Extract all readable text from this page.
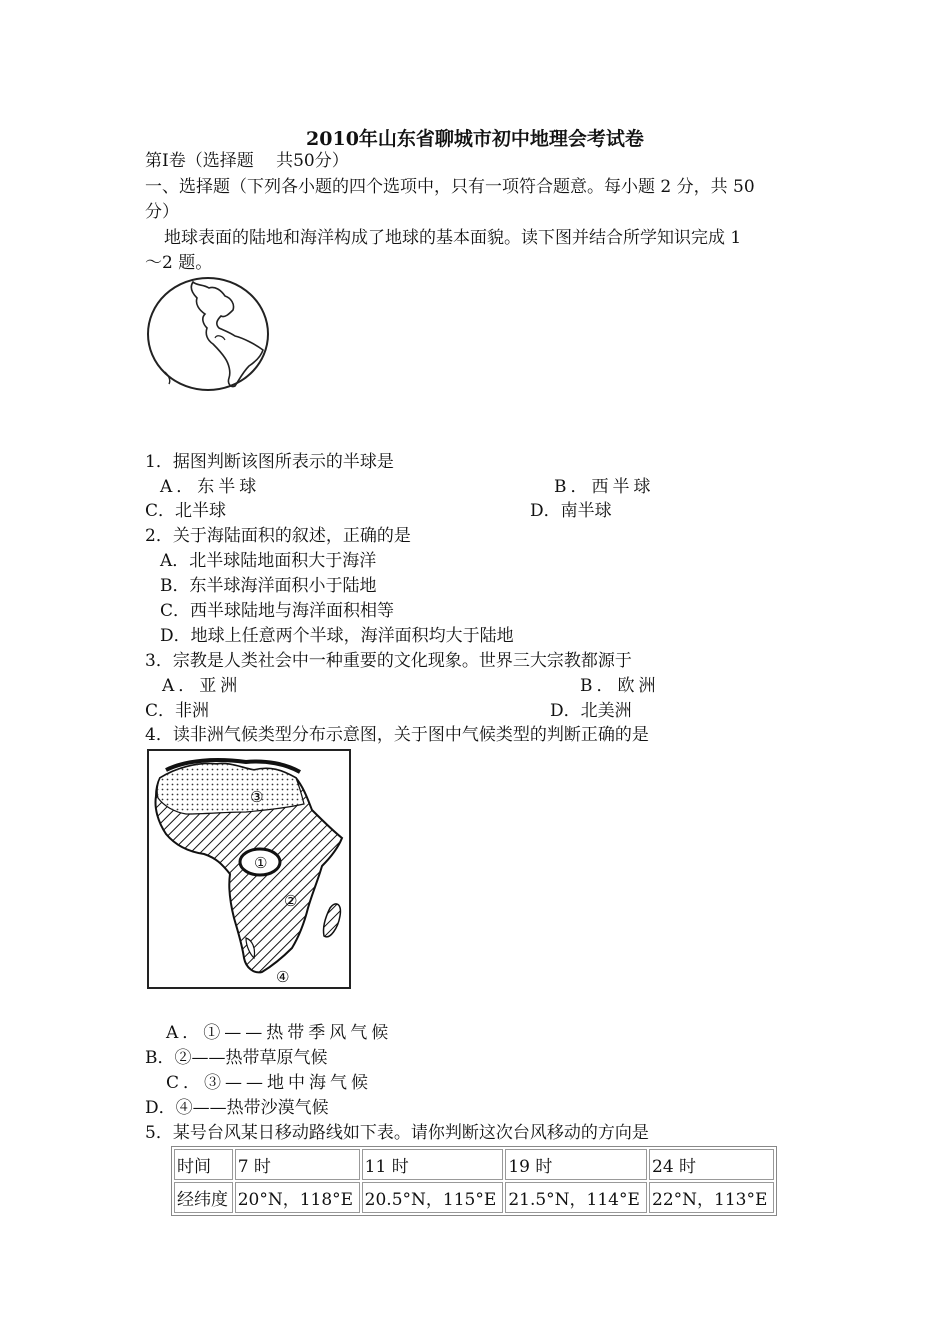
2010年山东省聊城市初中地理会考试卷
第Ⅰ卷（选择题　 共50分）
一、选择题（下列各小题的四个选项中，只有一项符合题意。每小题 2 分，共 50
分）
地球表面的陆地和海洋构成了地球的基本面貌。读下图并结合所学知识完成 1
～2 题。
1．据图判断该图所表示的半球是
A．东半球	B．西半球
C．北半球	D．南半球
2．关于海陆面积的叙述，正确的是
A．北半球陆地面积大于海洋
B．东半球海洋面积小于陆地
C．西半球陆地与海洋面积相等
D．地球上任意两个半球，海洋面积均大于陆地
3．宗教是人类社会中一种重要的文化现象。世界三大宗教都源于
A．亚洲	B．欧洲
C．非洲	D．北美洲
4．读非洲气候类型分布示意图，关于图中气候类型的判断正确的是
③
①
②
④
A．①——热带季风气候
B．②——热带草原气候
C．③——地中海气候
D．④——热带沙漠气候
5．某号台风某日移动路线如下表。请你判断这次台风移动的方向是
时间	7 时	11 时	19 时	24 时
经纬度	20°N，118°E	20.5°N，115°E	21.5°N，114°E	22°N，113°E
